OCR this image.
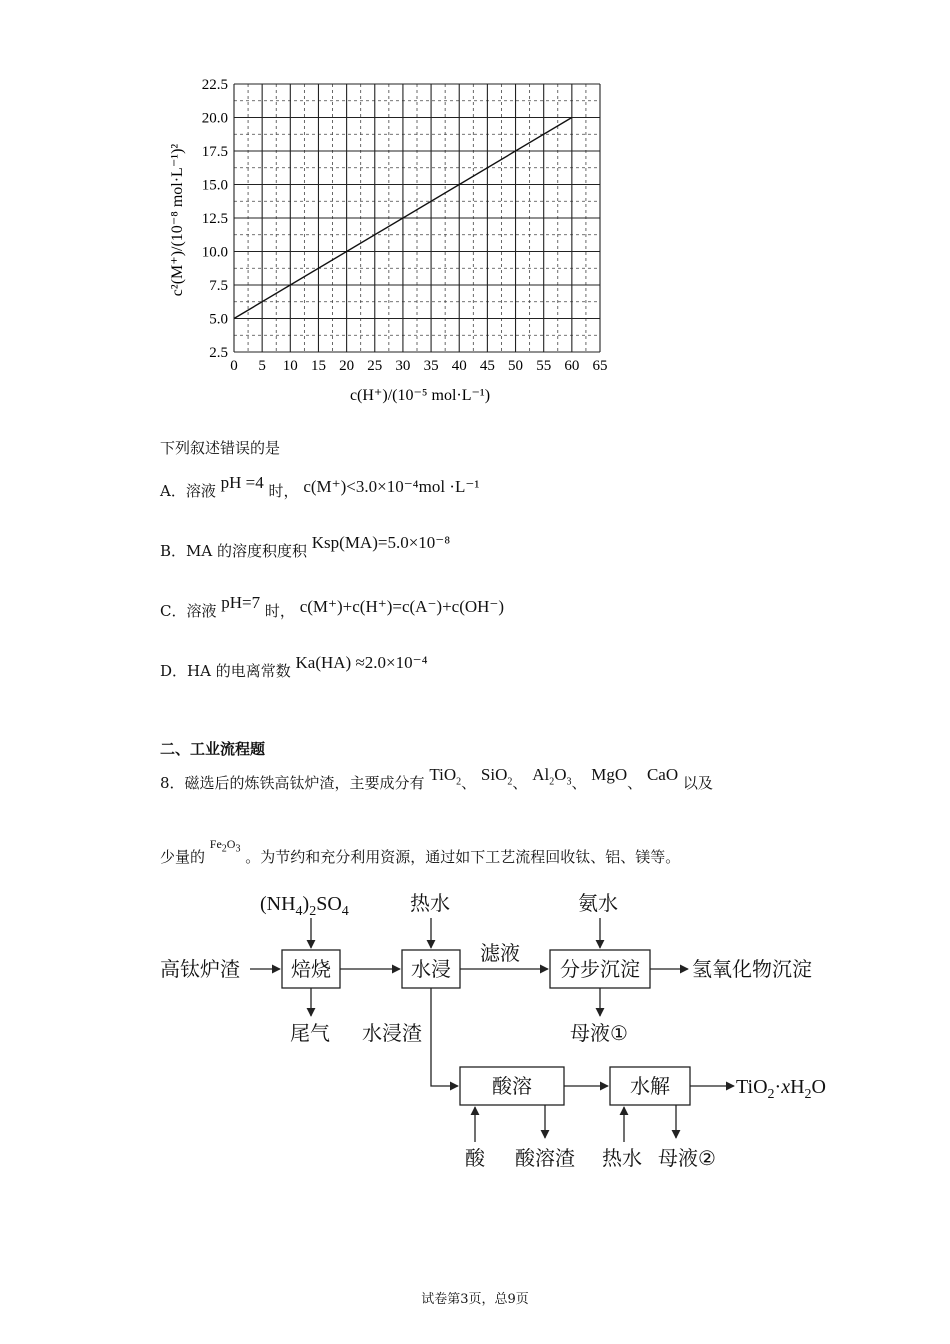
0 5 10 15 20 25 30 35 40 45 50 55 60 65
2.5
5.0
7.5
10.0
12.5
15.0
17.5
20.0
22.5
c(H⁺)/(10⁻⁵ mol·L⁻¹)
c²(M⁺)/(10⁻⁸ mol·L⁻¹)²
下列叙述错误的是
A．溶液 pH =4 时， c(M⁺)<3.0×10⁻⁴mol ·L⁻¹
B．MA 的溶度积度积 Ksp(MA)=5.0×10⁻⁸
C．溶液 pH=7 时， c(M⁺)+c(H⁺)=c(A⁻)+c(OH⁻)
D．HA 的电离常数 Ka(HA) ≈2.0×10⁻⁴
二、工业流程题
8．磁选后的炼铁高钛炉渣，主要成分有 TiO$_2$、 SiO$_2$、 $Al_2O_3$、 MgO、 CaO 以及
少量的 $^{Fe_2O_3}$ 。为节约和充分利用资源，通过如下工艺流程回收钛、铝、镁等。
高钛炉渣	焙烧	水浸	分步沉淀
酸溶	水解
$(NH_4)_2SO_4$	热水	氨水
酸	热水
尾气 水浸渣
滤液
氢氧化物沉淀
母液①
酸溶渣	母液②
$TiO_2\cdot xH_2O$
试卷第3页，总9页
